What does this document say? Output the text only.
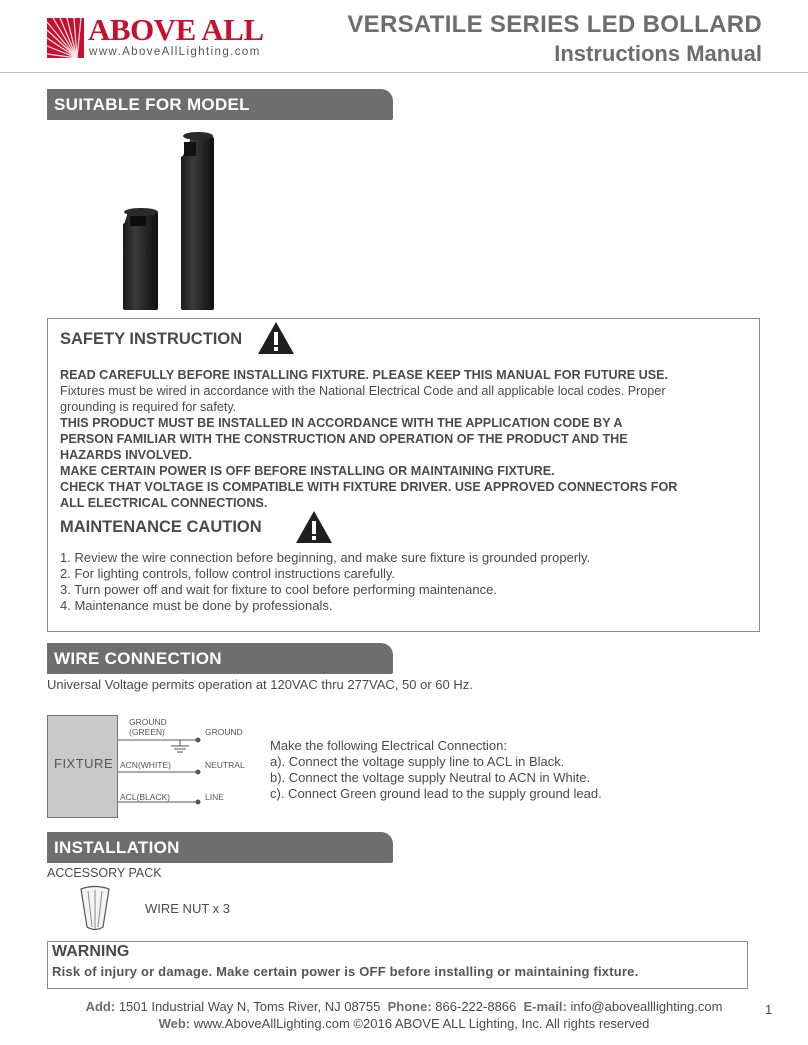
ABOVE ALL
www.AboveAllLighting.com
VERSATILE SERIES LED BOLLARD
Instructions Manual
SUITABLE FOR MODEL
SAFETY INSTRUCTION
READ CAREFULLY BEFORE INSTALLING FIXTURE. PLEASE KEEP THIS MANUAL FOR FUTURE USE.
Fixtures must be wired in accordance with the National Electrical Code and all applicable local codes. Proper
grounding is required for safety.
THIS PRODUCT MUST BE INSTALLED IN ACCORDANCE WITH THE APPLICATION CODE BY A
PERSON FAMILIAR WITH THE CONSTRUCTION AND OPERATION OF THE PRODUCT AND THE
HAZARDS INVOLVED.
MAKE CERTAIN POWER IS OFF BEFORE INSTALLING OR MAINTAINING FIXTURE.
CHECK THAT VOLTAGE IS COMPATIBLE WITH FIXTURE DRIVER. USE APPROVED CONNECTORS FOR
ALL ELECTRICAL CONNECTIONS.
MAINTENANCE CAUTION
1. Review the wire connection before beginning, and make sure fixture is grounded properly.
2. For lighting controls, follow control instructions carefully.
3. Turn power off and wait for fixture to cool before performing maintenance.
4. Maintenance must be done by professionals.
WIRE CONNECTION
Universal Voltage permits operation at 120VAC thru 277VAC, 50 or 60 Hz.
FIXTURE
GROUND
(GREEN)
ACN(WHITE)
ACL(BLACK)
GROUND
NEUTRAL
LINE
Make the following Electrical Connection:
a). Connect the voltage supply line to ACL in Black.
b). Connect the voltage supply Neutral to ACN in White.
c). Connect Green ground lead to the supply ground lead.
INSTALLATION
ACCESSORY PACK
WIRE NUT x 3
WARNING
Risk of injury or damage. Make certain power is OFF before installing or maintaining fixture.
Add: 1501 Industrial Way N, Toms River, NJ 08755 Phone: 866-222-8866 E-mail: info@abovealllighting.com
Web: www.AboveAllLighting.com ©2016 ABOVE ALL Lighting, Inc. All rights reserved
1
